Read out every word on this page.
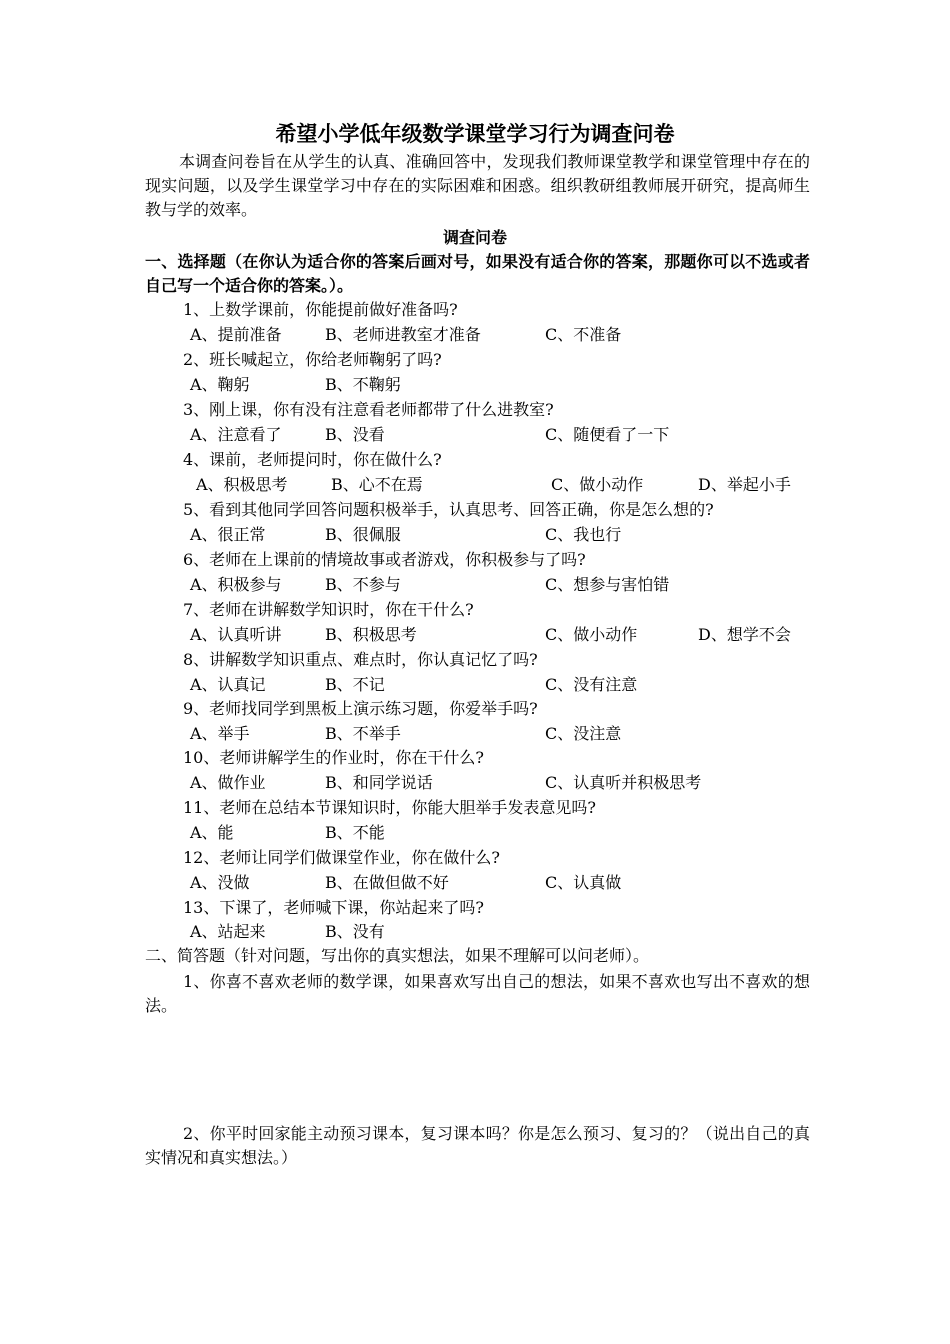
希望小学低年级数学课堂学习行为调查问卷
本调查问卷旨在从学生的认真、准确回答中，发现我们教师课堂教学和课堂管理中存在的现实问题，以及学生课堂学习中存在的实际困难和困惑。组织教研组教师展开研究，提高师生教与学的效率。
调查问卷
一、选择题（在你认为适合你的答案后画对号，如果没有适合你的答案，那题你可以不选或者自己写一个适合你的答案。）。
1、上数学课前，你能提前做好准备吗?
A、提前准备	B、老师进教室才准备	C、不准备
2、班长喊起立，你给老师鞠躬了吗?
A、鞠躬	B、不鞠躬
3、刚上课，你有没有注意看老师都带了什么进教室?
A、注意看了	B、没看	C、随便看了一下
4、课前，老师提问时，你在做什么?
A、积极思考	B、心不在焉	C、做小动作	D、举起小手
5、看到其他同学回答问题积极举手，认真思考、回答正确，你是怎么想的?
A、很正常	B、很佩服	C、我也行
6、老师在上课前的情境故事或者游戏，你积极参与了吗?
A、积极参与	B、不参与	C、想参与害怕错
7、老师在讲解数学知识时，你在干什么?
A、认真听讲	B、积极思考	C、做小动作	D、想学不会
8、讲解数学知识重点、难点时，你认真记忆了吗?
A、认真记	B、不记	C、没有注意
9、老师找同学到黑板上演示练习题，你爱举手吗?
A、举手	B、不举手	C、没注意
10、老师讲解学生的作业时，你在干什么?
A、做作业	B、和同学说话	C、认真听并积极思考
11、老师在总结本节课知识时，你能大胆举手发表意见吗?
A、能	B、不能
12、老师让同学们做课堂作业，你在做什么?
A、没做	B、在做但做不好	C、认真做
13、下课了，老师喊下课，你站起来了吗?
A、站起来	B、没有
二、简答题（针对问题，写出你的真实想法，如果不理解可以问老师）。
1、你喜不喜欢老师的数学课，如果喜欢写出自己的想法，如果不喜欢也写出不喜欢的想法。
2、你平时回家能主动预习课本，复习课本吗？你是怎么预习、复习的？（说出自己的真实情况和真实想法。）
